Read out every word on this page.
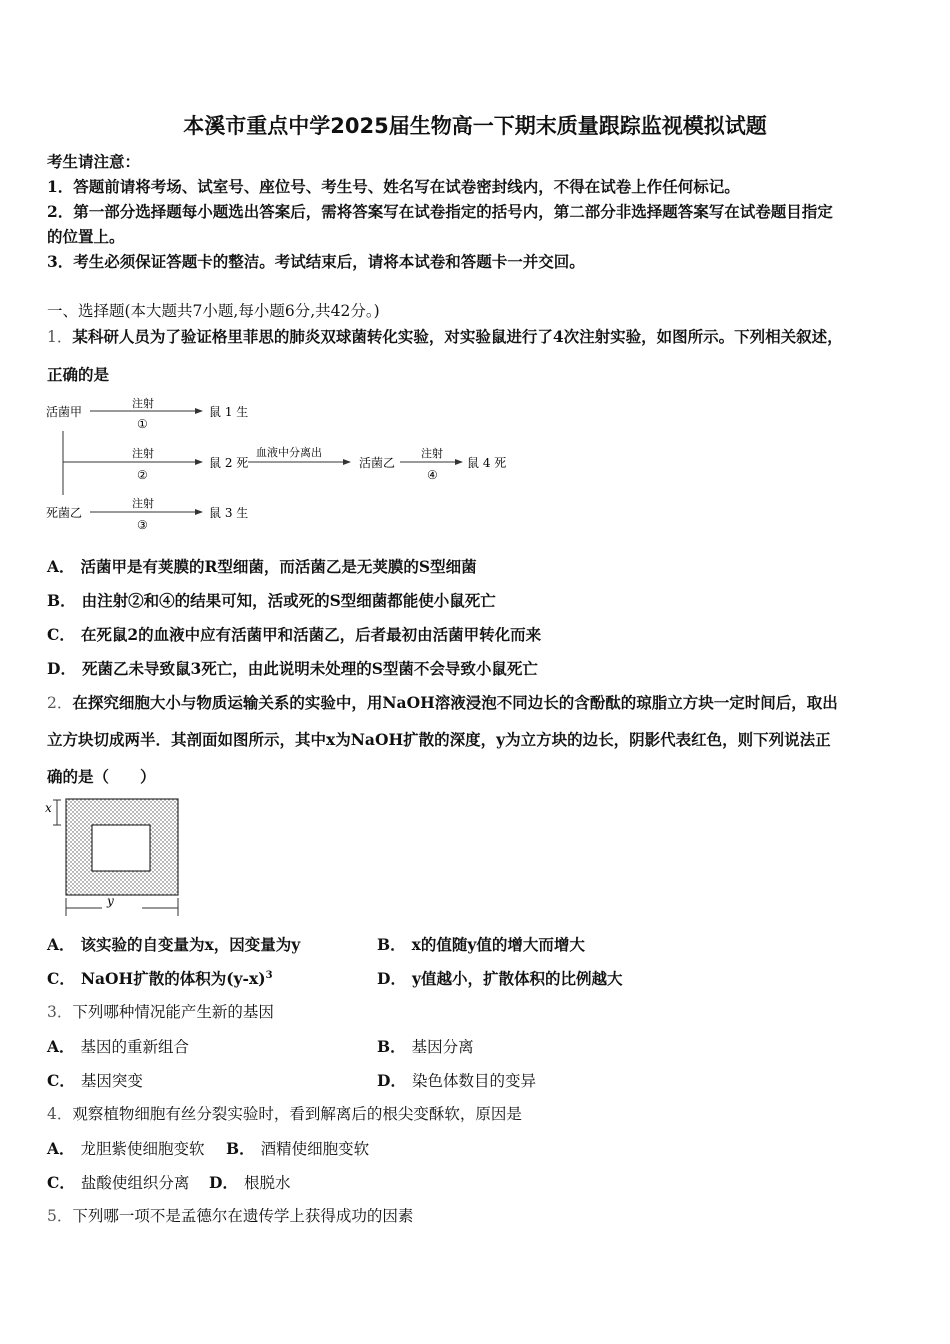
本溪市重点中学2025届生物高一下期末质量跟踪监视模拟试题
考生请注意：
1．答题前请将考场、试室号、座位号、考生号、姓名写在试卷密封线内，不得在试卷上作任何标记。
2．第一部分选择题每小题选出答案后，需将答案写在试卷指定的括号内，第二部分非选择题答案写在试卷题目指定
的位置上。
3．考生必须保证答题卡的整洁。考试结束后，请将本试卷和答题卡一并交回。
一、选择题(本大题共7小题,每小题6分,共42分。)
1．某科研人员为了验证格里菲思的肺炎双球菌转化实验，对实验鼠进行了4次注射实验，如图所示。下列相关叙述，
正确的是
活菌甲
注射
①
鼠 1 生
注射
②
鼠 2 死
血液中分离出
活菌乙
注射
④
鼠 4 死
死菌乙
注射
③
鼠 3 生
A． 活菌甲是有荚膜的R型细菌，而活菌乙是无荚膜的S型细菌
B． 由注射②和④的结果可知，活或死的S型细菌都能使小鼠死亡
C． 在死鼠2的血液中应有活菌甲和活菌乙，后者最初由活菌甲转化而来
D． 死菌乙未导致鼠3死亡，由此说明未处理的S型菌不会导致小鼠死亡
2．在探究细胞大小与物质运输关系的实验中，用NaOH溶液浸泡不同边长的含酚酞的琼脂立方块一定时间后，取出
立方块切成两半．其剖面如图所示，其中x为NaOH扩散的深度，y为立方块的边长，阴影代表红色，则下列说法正
确的是（　　）
x
y
A． 该实验的自变量为x，因变量为y	B． x的值随y值的增大而增大
C． NaOH扩散的体积为$(y-x)^3$	D． y值越小，扩散体积的比例越大
3．下列哪种情况能产生新的基因
A． 基因的重新组合	B． 基因分离
C． 基因突变	D． 染色体数目的变异
4．观察植物细胞有丝分裂实验时，看到解离后的根尖变酥软，原因是
A． 龙胆紫使细胞变软 B． 酒精使细胞变软
C． 盐酸使组织分离 D． 根脱水
5．下列哪一项不是孟德尔在遗传学上获得成功的因素
